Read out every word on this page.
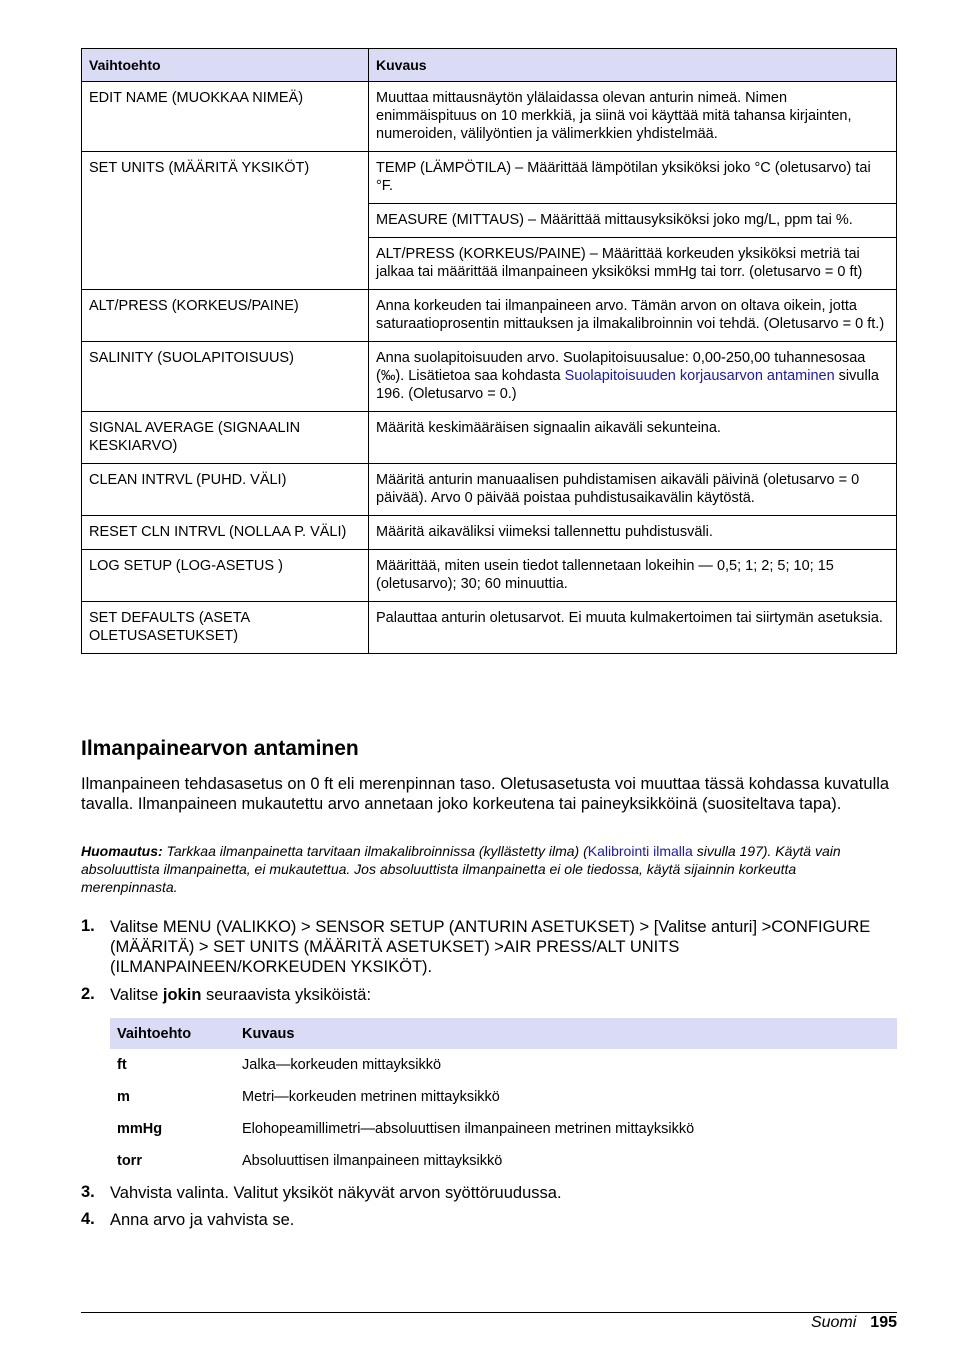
Vaihtoehto	Kuvaus
EDIT NAME (MUOKKAA NIMEÄ)	Muuttaa mittausnäytön ylälaidassa olevan anturin nimeä. Nimen enimmäispituus on 10 merkkiä, ja siinä voi käyttää mitä tahansa kirjainten, numeroiden, välilyöntien ja välimerkkien yhdistelmää.
SET UNITS (MÄÄRITÄ YKSIKÖT)	TEMP (LÄMPÖTILA) – Määrittää lämpötilan yksiköksi joko °C (oletusarvo) tai °F.
	MEASURE (MITTAUS) – Määrittää mittausyksiköksi joko mg/L, ppm tai %.
	ALT/PRESS (KORKEUS/PAINE) – Määrittää korkeuden yksiköksi metriä tai jalkaa tai määrittää ilmanpaineen yksiköksi mmHg tai torr. (oletusarvo = 0 ft)
ALT/PRESS (KORKEUS/PAINE)	Anna korkeuden tai ilmanpaineen arvo. Tämän arvon on oltava oikein, jotta saturaatioprosentin mittauksen ja ilmakalibroinnin voi tehdä. (Oletusarvo = 0 ft.)
SALINITY (SUOLAPITOISUUS)	Anna suolapitoisuuden arvo. Suolapitoisuusalue: 0,00-250,00 tuhannesosaa (‰). Lisätietoa saa kohdasta Suolapitoisuuden korjausarvon antaminen sivulla 196. (Oletusarvo = 0.)
SIGNAL AVERAGE (SIGNAALIN KESKIARVO)	Määritä keskimääräisen signaalin aikaväli sekunteina.
CLEAN INTRVL (PUHD. VÄLI)	Määritä anturin manuaalisen puhdistamisen aikaväli päivinä (oletusarvo = 0 päivää). Arvo 0 päivää poistaa puhdistusaikavälin käytöstä.
RESET CLN INTRVL (NOLLAA P. VÄLI)	Määritä aikaväliksi viimeksi tallennettu puhdistusväli.
LOG SETUP (LOG-ASETUS )	Määrittää, miten usein tiedot tallennetaan lokeihin — 0,5; 1; 2; 5; 10; 15 (oletusarvo); 30; 60 minuuttia.
SET DEFAULTS (ASETA OLETUSASETUKSET)	Palauttaa anturin oletusarvot. Ei muuta kulmakertoimen tai siirtymän asetuksia.
Ilmanpainearvon antaminen
Ilmanpaineen tehdasasetus on 0 ft eli merenpinnan taso. Oletusasetusta voi muuttaa tässä kohdassa kuvatulla tavalla. Ilmanpaineen mukautettu arvo annetaan joko korkeutena tai paineyksikköinä (suositeltava tapa).
Huomautus: Tarkkaa ilmanpainetta tarvitaan ilmakalibroinnissa (kyllästetty ilma) (Kalibrointi ilmalla sivulla 197). Käytä vain absoluuttista ilmanpainetta, ei mukautettua. Jos absoluuttista ilmanpainetta ei ole tiedossa, käytä sijainnin korkeutta merenpinnasta.
1. Valitse MENU (VALIKKO) > SENSOR SETUP (ANTURIN ASETUKSET) > [Valitse anturi] >CONFIGURE (MÄÄRITÄ) > SET UNITS (MÄÄRITÄ ASETUKSET) >AIR PRESS/ALT UNITS (ILMANPAINEEN/KORKEUDEN YKSIKÖT).
2. Valitse jokin seuraavista yksiköistä:
Vaihtoehto	Kuvaus
ft	Jalka—korkeuden mittayksikkö
m	Metri—korkeuden metrinen mittayksikkö
mmHg	Elohopeamillimetri—absoluuttisen ilmanpaineen metrinen mittayksikkö
torr	Absoluuttisen ilmanpaineen mittayksikkö
3. Vahvista valinta. Valitut yksiköt näkyvät arvon syöttöruudussa.
4. Anna arvo ja vahvista se.
Suomi 195
